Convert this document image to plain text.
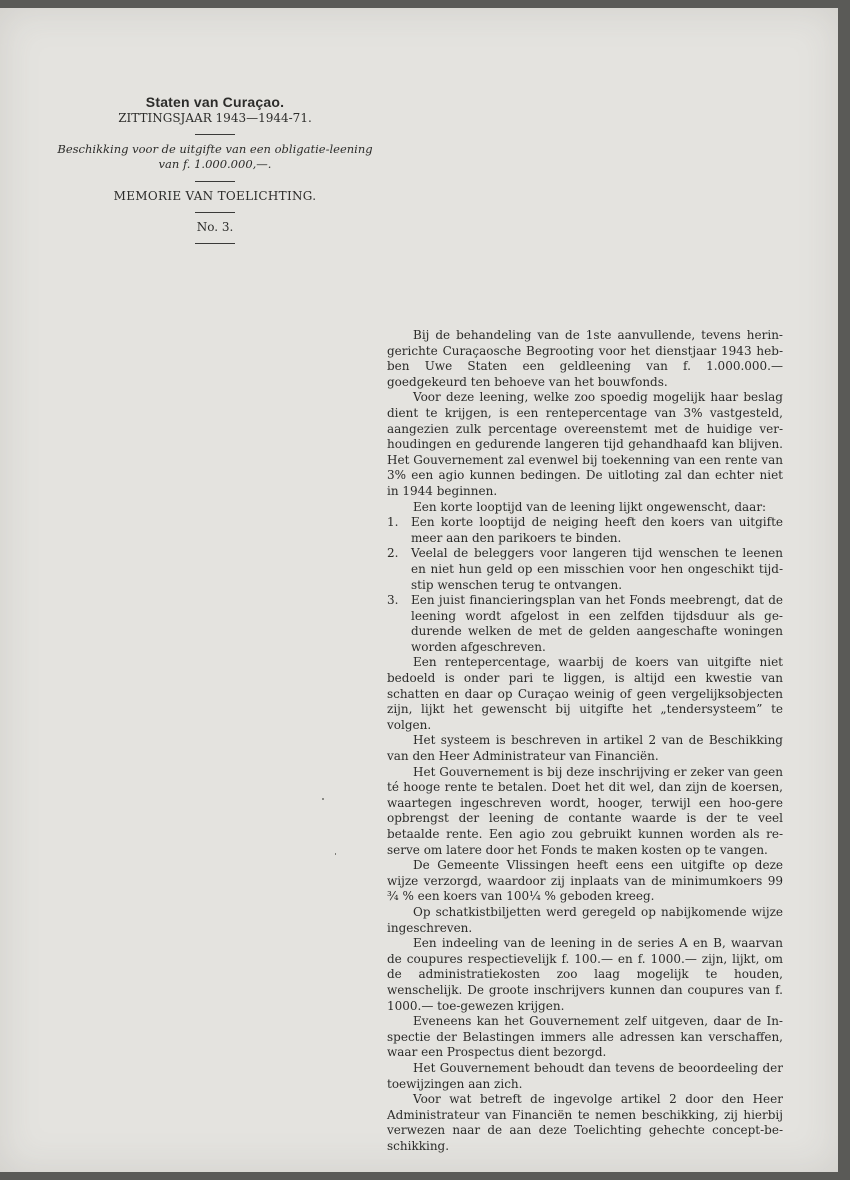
Staten van Curaçao.

ZITTINGSJAAR 1943—1944-71.

Beschikking voor de uitgifte van een obligatie-leening van f. 1.000.000,—.

MEMORIE VAN TOELICHTING.

No. 3.

Bij de behandeling van de 1ste aanvullende, tevens herin-gerichte Curaçaosche Begrooting voor het dienstjaar 1943 heb-ben Uwe Staten een geldleening van f. 1.000.000.— goedgekeurd ten behoeve van het bouwfonds.

Voor deze leening, welke zoo spoedig mogelijk haar beslag dient te krijgen, is een rentepercentage van 3% vastgesteld, aangezien zulk percentage overeenstemt met de huidige ver-houdingen en gedurende langeren tijd gehandhaafd kan blijven. Het Gouvernement zal evenwel bij toekenning van een rente van 3% een agio kunnen bedingen. De uitloting zal dan echter niet in 1944 beginnen.

Een korte looptijd van de leening lijkt ongewenscht, daar:

1.	Een korte looptijd de neiging heeft den koers van uitgifte meer aan den parikoers te binden.
2.	Veelal de beleggers voor langeren tijd wenschen te leenen en niet hun geld op een misschien voor hen ongeschikt tijd-stip wenschen terug te ontvangen.
3.	Een juist financieringsplan van het Fonds meebrengt, dat de leening wordt afgelost in een zelfden tijdsduur als ge-durende welken de met de gelden aangeschafte woningen worden afgeschreven.

Een rentepercentage, waarbij de koers van uitgifte niet bedoeld is onder pari te liggen, is altijd een kwestie van schatten en daar op Curaçao weinig of geen vergelijksobjecten zijn, lijkt het gewenscht bij uitgifte het „tendersysteem” te volgen.

Het systeem is beschreven in artikel 2 van de Beschikking van den Heer Administrateur van Financiën.

Het Gouvernement is bij deze inschrijving er zeker van geen té hooge rente te betalen. Doet het dit wel, dan zijn de koersen, waartegen ingeschreven wordt, hooger, terwijl een hoo-gere opbrengst der leening de contante waarde is der te veel betaalde rente. Een agio zou gebruikt kunnen worden als re-serve om latere door het Fonds te maken kosten op te vangen.

De Gemeente Vlissingen heeft eens een uitgifte op deze wijze verzorgd, waardoor zij inplaats van de minimumkoers 99 ¾ % een koers van 100¼ % geboden kreeg.

Op schatkistbiljetten werd geregeld op nabijkomende wijze ingeschreven.

Een indeeling van de leening in de series A en B, waarvan de coupures respectievelijk f. 100.— en f. 1000.— zijn, lijkt, om de administratiekosten zoo laag mogelijk te houden, wenschelijk. De groote inschrijvers kunnen dan coupures van f. 1000.— toe-gewezen krijgen.

Eveneens kan het Gouvernement zelf uitgeven, daar de In-spectie der Belastingen immers alle adressen kan verschaffen, waar een Prospectus dient bezorgd.

Het Gouvernement behoudt dan tevens de beoordeeling der toewijzingen aan zich.

Voor wat betreft de ingevolge artikel 2 door den Heer Administrateur van Financiën te nemen beschikking, zij hierbij verwezen naar de aan deze Toelichting gehechte concept-be-schikking.
